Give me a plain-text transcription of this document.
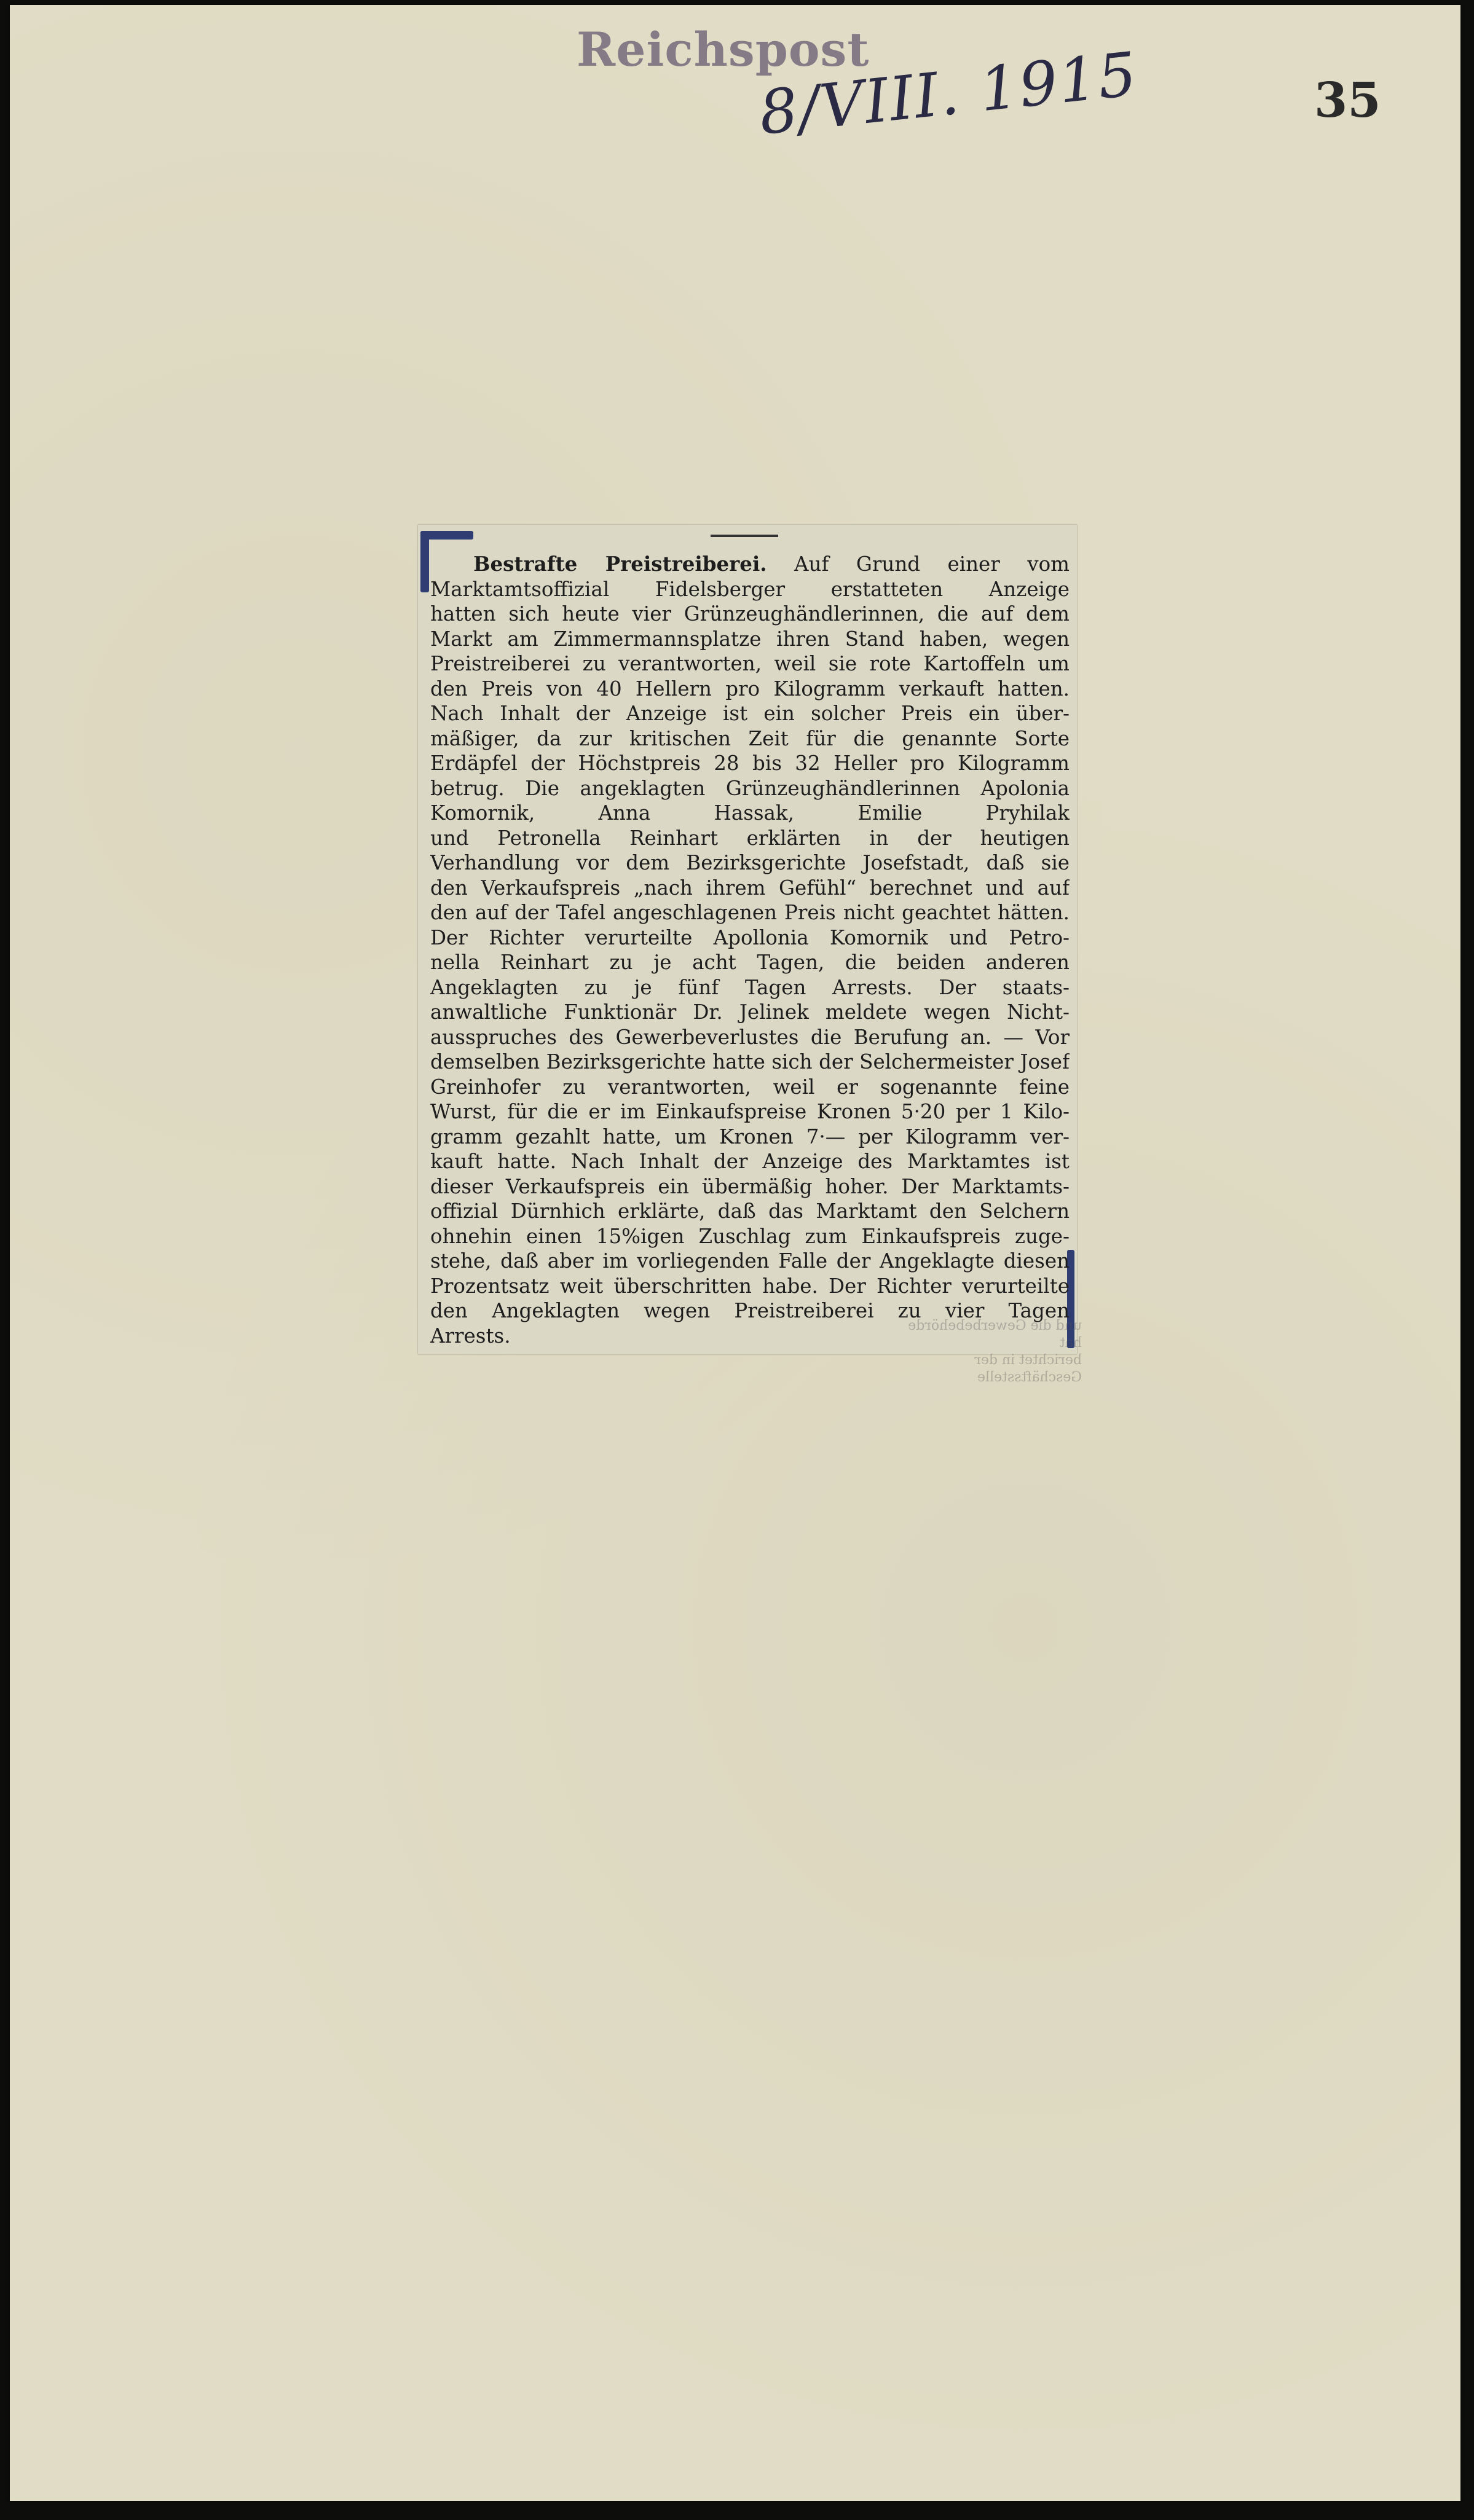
Reichspost
8/VIII. 1915	35

Bestrafte Preistreiberei. Auf Grund einer vom
Marktamtsoffizial Fidelsberger erstatteten Anzeige
hatten sich heute vier Grünzeughändlerinnen, die auf dem
Markt am Zimmermannsplatze ihren Stand haben, wegen
Preistreiberei zu verantworten, weil sie rote Kartoffeln um
den Preis von 40 Hellern pro Kilogramm verkauft hatten.
Nach Inhalt der Anzeige ist ein solcher Preis ein über-
mäßiger, da zur kritischen Zeit für die genannte Sorte
Erdäpfel der Höchstpreis 28 bis 32 Heller pro Kilogramm
betrug. Die angeklagten Grünzeughändlerinnen Apolonia
Komornik, Anna Hassak, Emilie Pryhilak
und Petronella Reinhart erklärten in der heutigen
Verhandlung vor dem Bezirksgerichte Josefstadt, daß sie
den Verkaufspreis „nach ihrem Gefühl“ berechnet und auf
den auf der Tafel angeschlagenen Preis nicht geachtet hätten.
Der Richter verurteilte Apollonia Komornik und Petro-
nella Reinhart zu je acht Tagen, die beiden anderen
Angeklagten zu je fünf Tagen Arrests. Der staats-
anwaltliche Funktionär Dr. Jelinek meldete wegen Nicht-
ausspruches des Gewerbeverlustes die Berufung an. — Vor
demselben Bezirksgerichte hatte sich der Selchermeister Josef
Greinhofer zu verantworten, weil er sogenannte feine
Wurst, für die er im Einkaufspreise Kronen 5·20 per 1 Kilo-
gramm gezahlt hatte, um Kronen 7·— per Kilogramm ver-
kauft hatte. Nach Inhalt der Anzeige des Marktamtes ist
dieser Verkaufspreis ein übermäßig hoher. Der Marktamts-
offizial Dürnhich erklärte, daß das Marktamt den Selchern
ohnehin einen 15%igen Zuschlag zum Einkaufspreis zuge-
stehe, daß aber im vorliegenden Falle der Angeklagte diesen
Prozentsatz weit überschritten habe. Der Richter verurteilte
den Angeklagten wegen Preistreiberei zu vier Tagen
Arrests.	und die Gewerbebehörde hat
berichtet in der Geschäftsstelle
